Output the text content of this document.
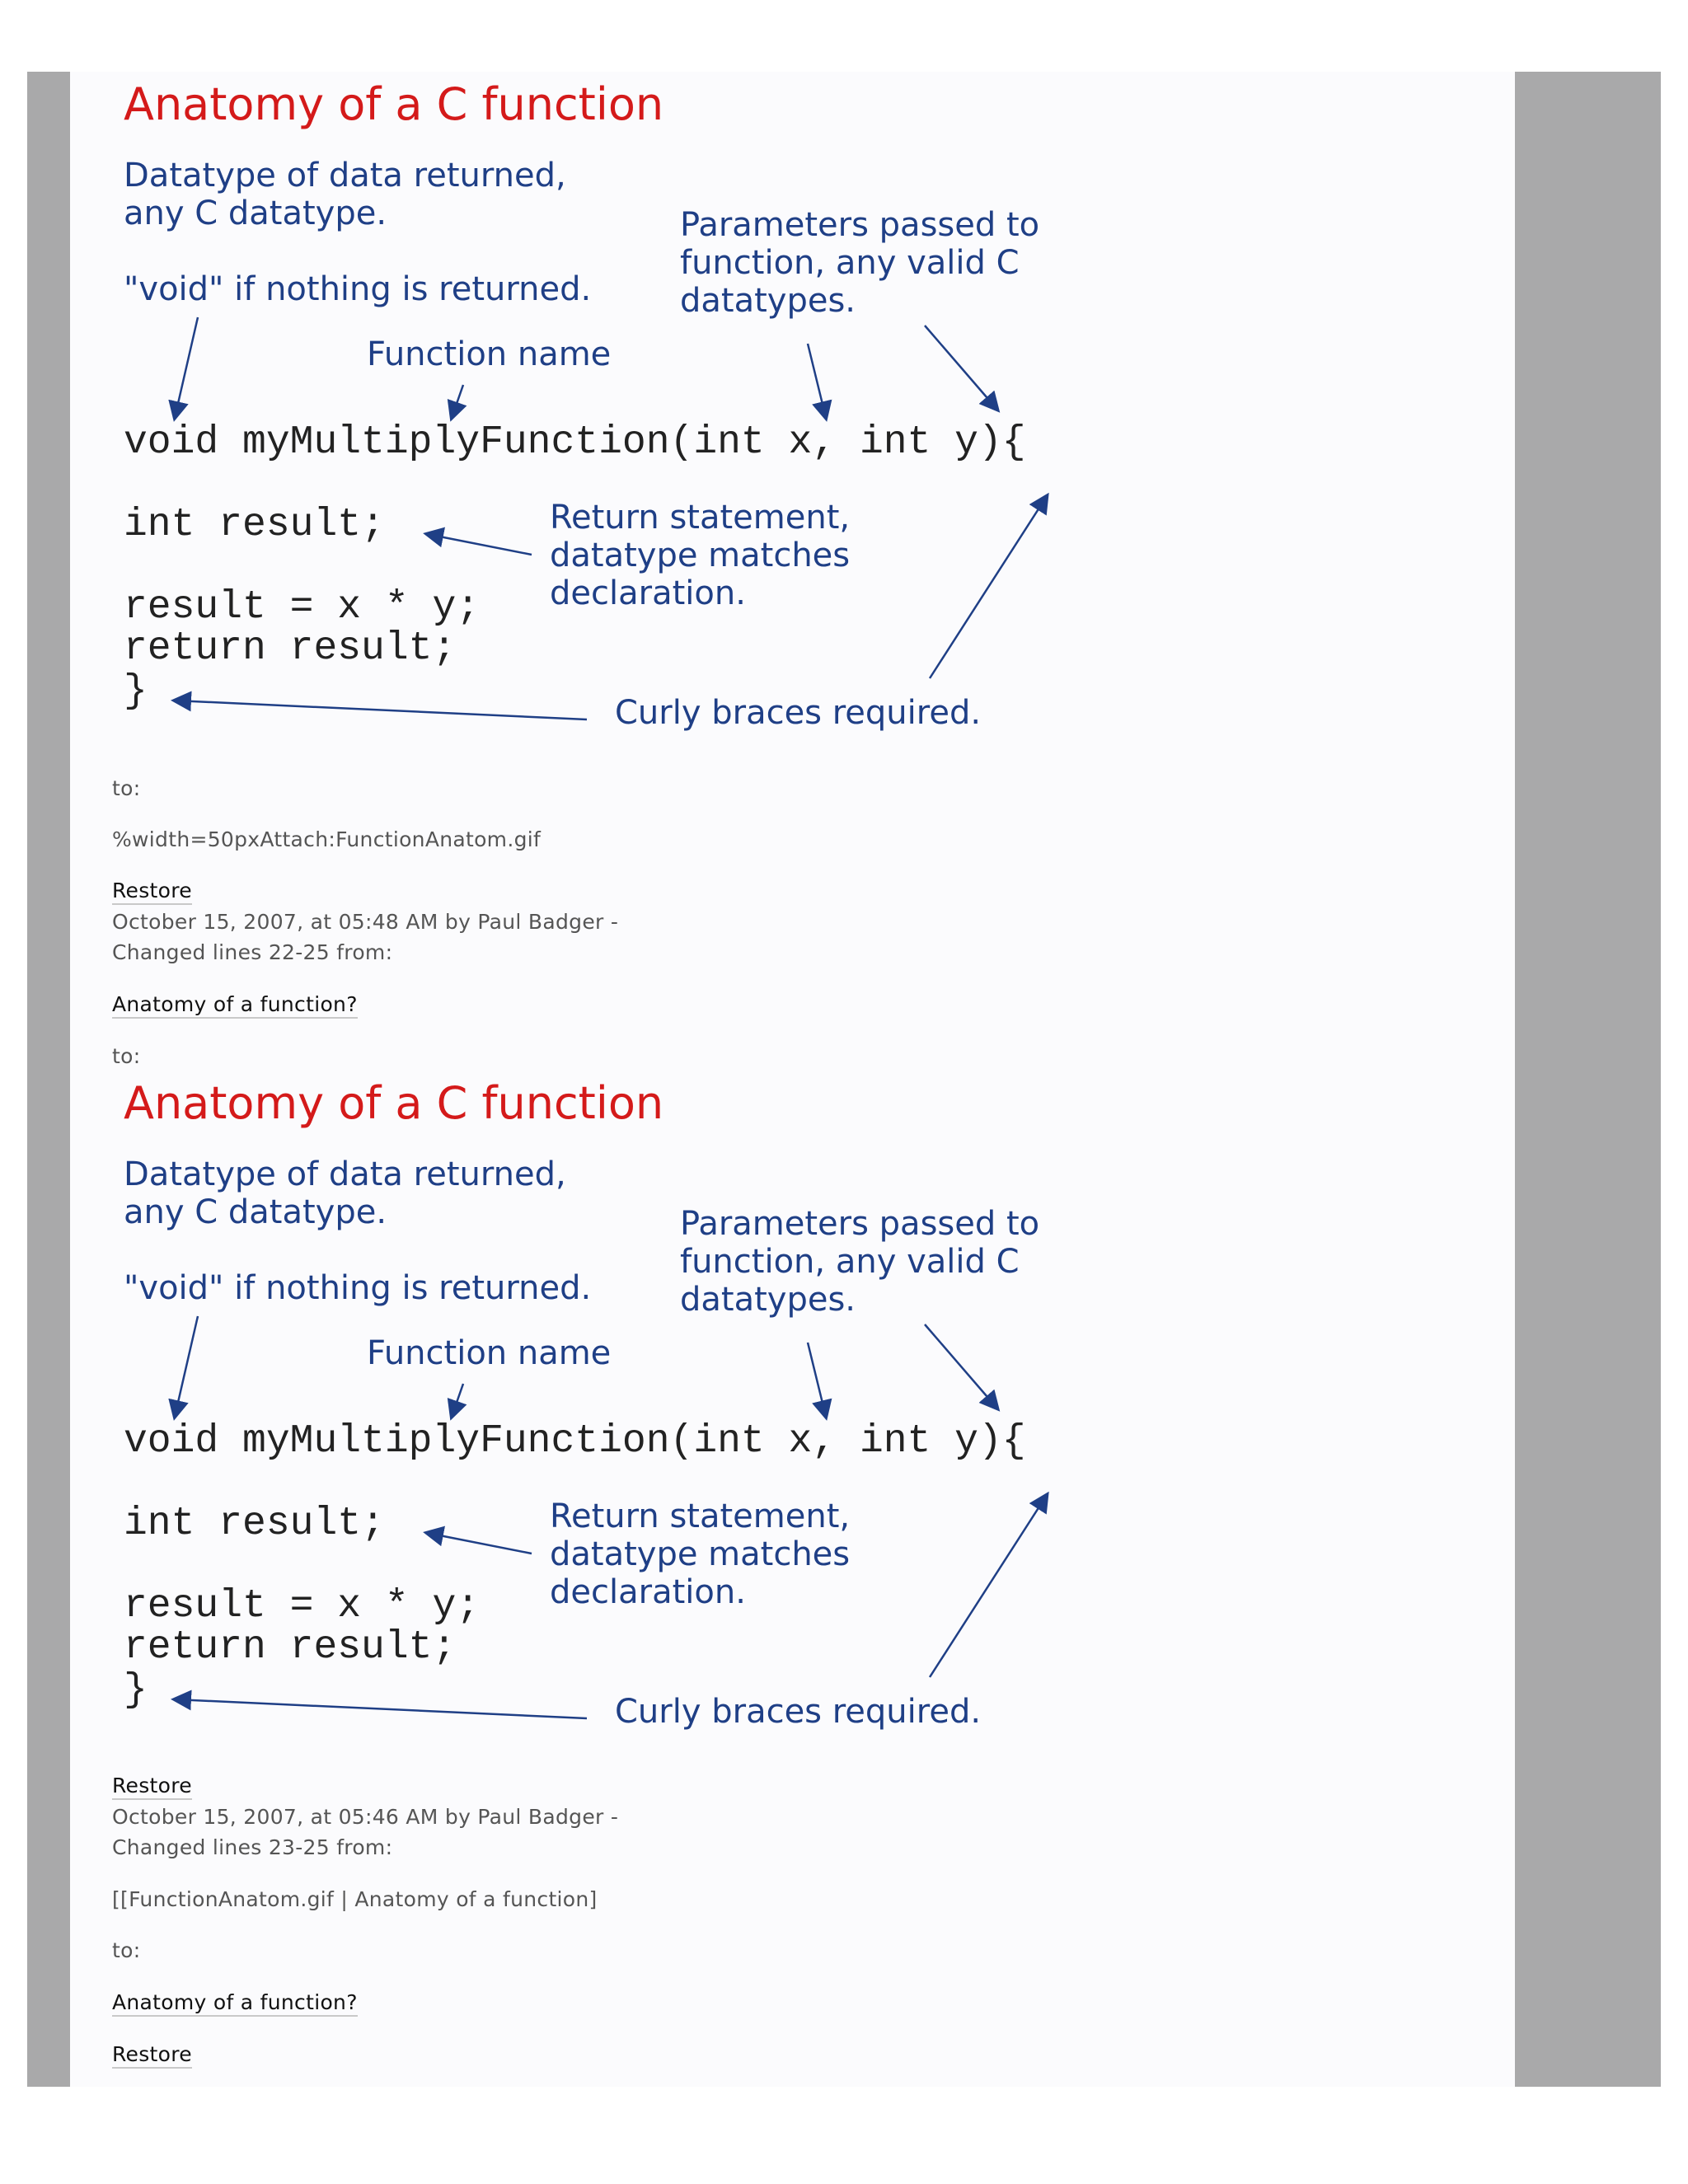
Anatomy of a C function
Datatype of data returned,
any C datatype.
"void" if nothing is returned.
Parameters passed to
function, any valid C
datatypes.
Function name
void myMultiplyFunction(int x, int y){
int result;	Return statement,
datatype matches
declaration.
result = x * y;
return result;
}	Curly braces required.
to:
%width=50pxAttach:FunctionAnatom.gif
Restore
October 15, 2007, at 05:48 AM by Paul Badger -
Changed lines 22-25 from:
Anatomy of a function?
to:
Anatomy of a C function
Datatype of data returned,
any C datatype.
"void" if nothing is returned.
Parameters passed to
function, any valid C
datatypes.
Function name
void myMultiplyFunction(int x, int y){
int result;	Return statement,
datatype matches
declaration.
result = x * y;
return result;
}	Curly braces required.
Restore
October 15, 2007, at 05:46 AM by Paul Badger -
Changed lines 23-25 from:
[[FunctionAnatom.gif | Anatomy of a function]
to:
Anatomy of a function?
Restore
